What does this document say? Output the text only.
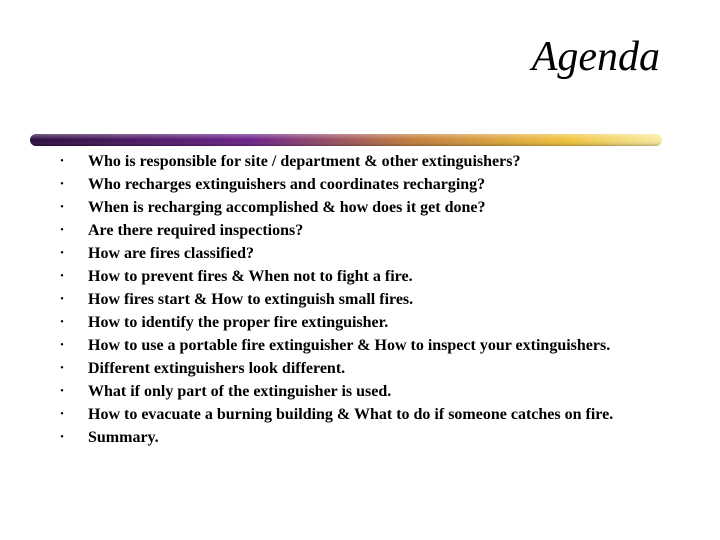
Agenda
• Who is responsible for site / department & other extinguishers?
• Who recharges extinguishers and coordinates recharging?
• When is recharging accomplished & how does it get done?
• Are there required inspections?
• How are fires classified?
• How to prevent fires & When not to fight a fire.
• How fires start & How to extinguish small fires.
• How to identify the proper fire extinguisher.
• How to use a portable fire extinguisher & How to inspect your extinguishers.
• Different extinguishers look different.
• What if only part of the extinguisher is used.
• How to evacuate a burning building & What to do if someone catches on fire.
• Summary.
